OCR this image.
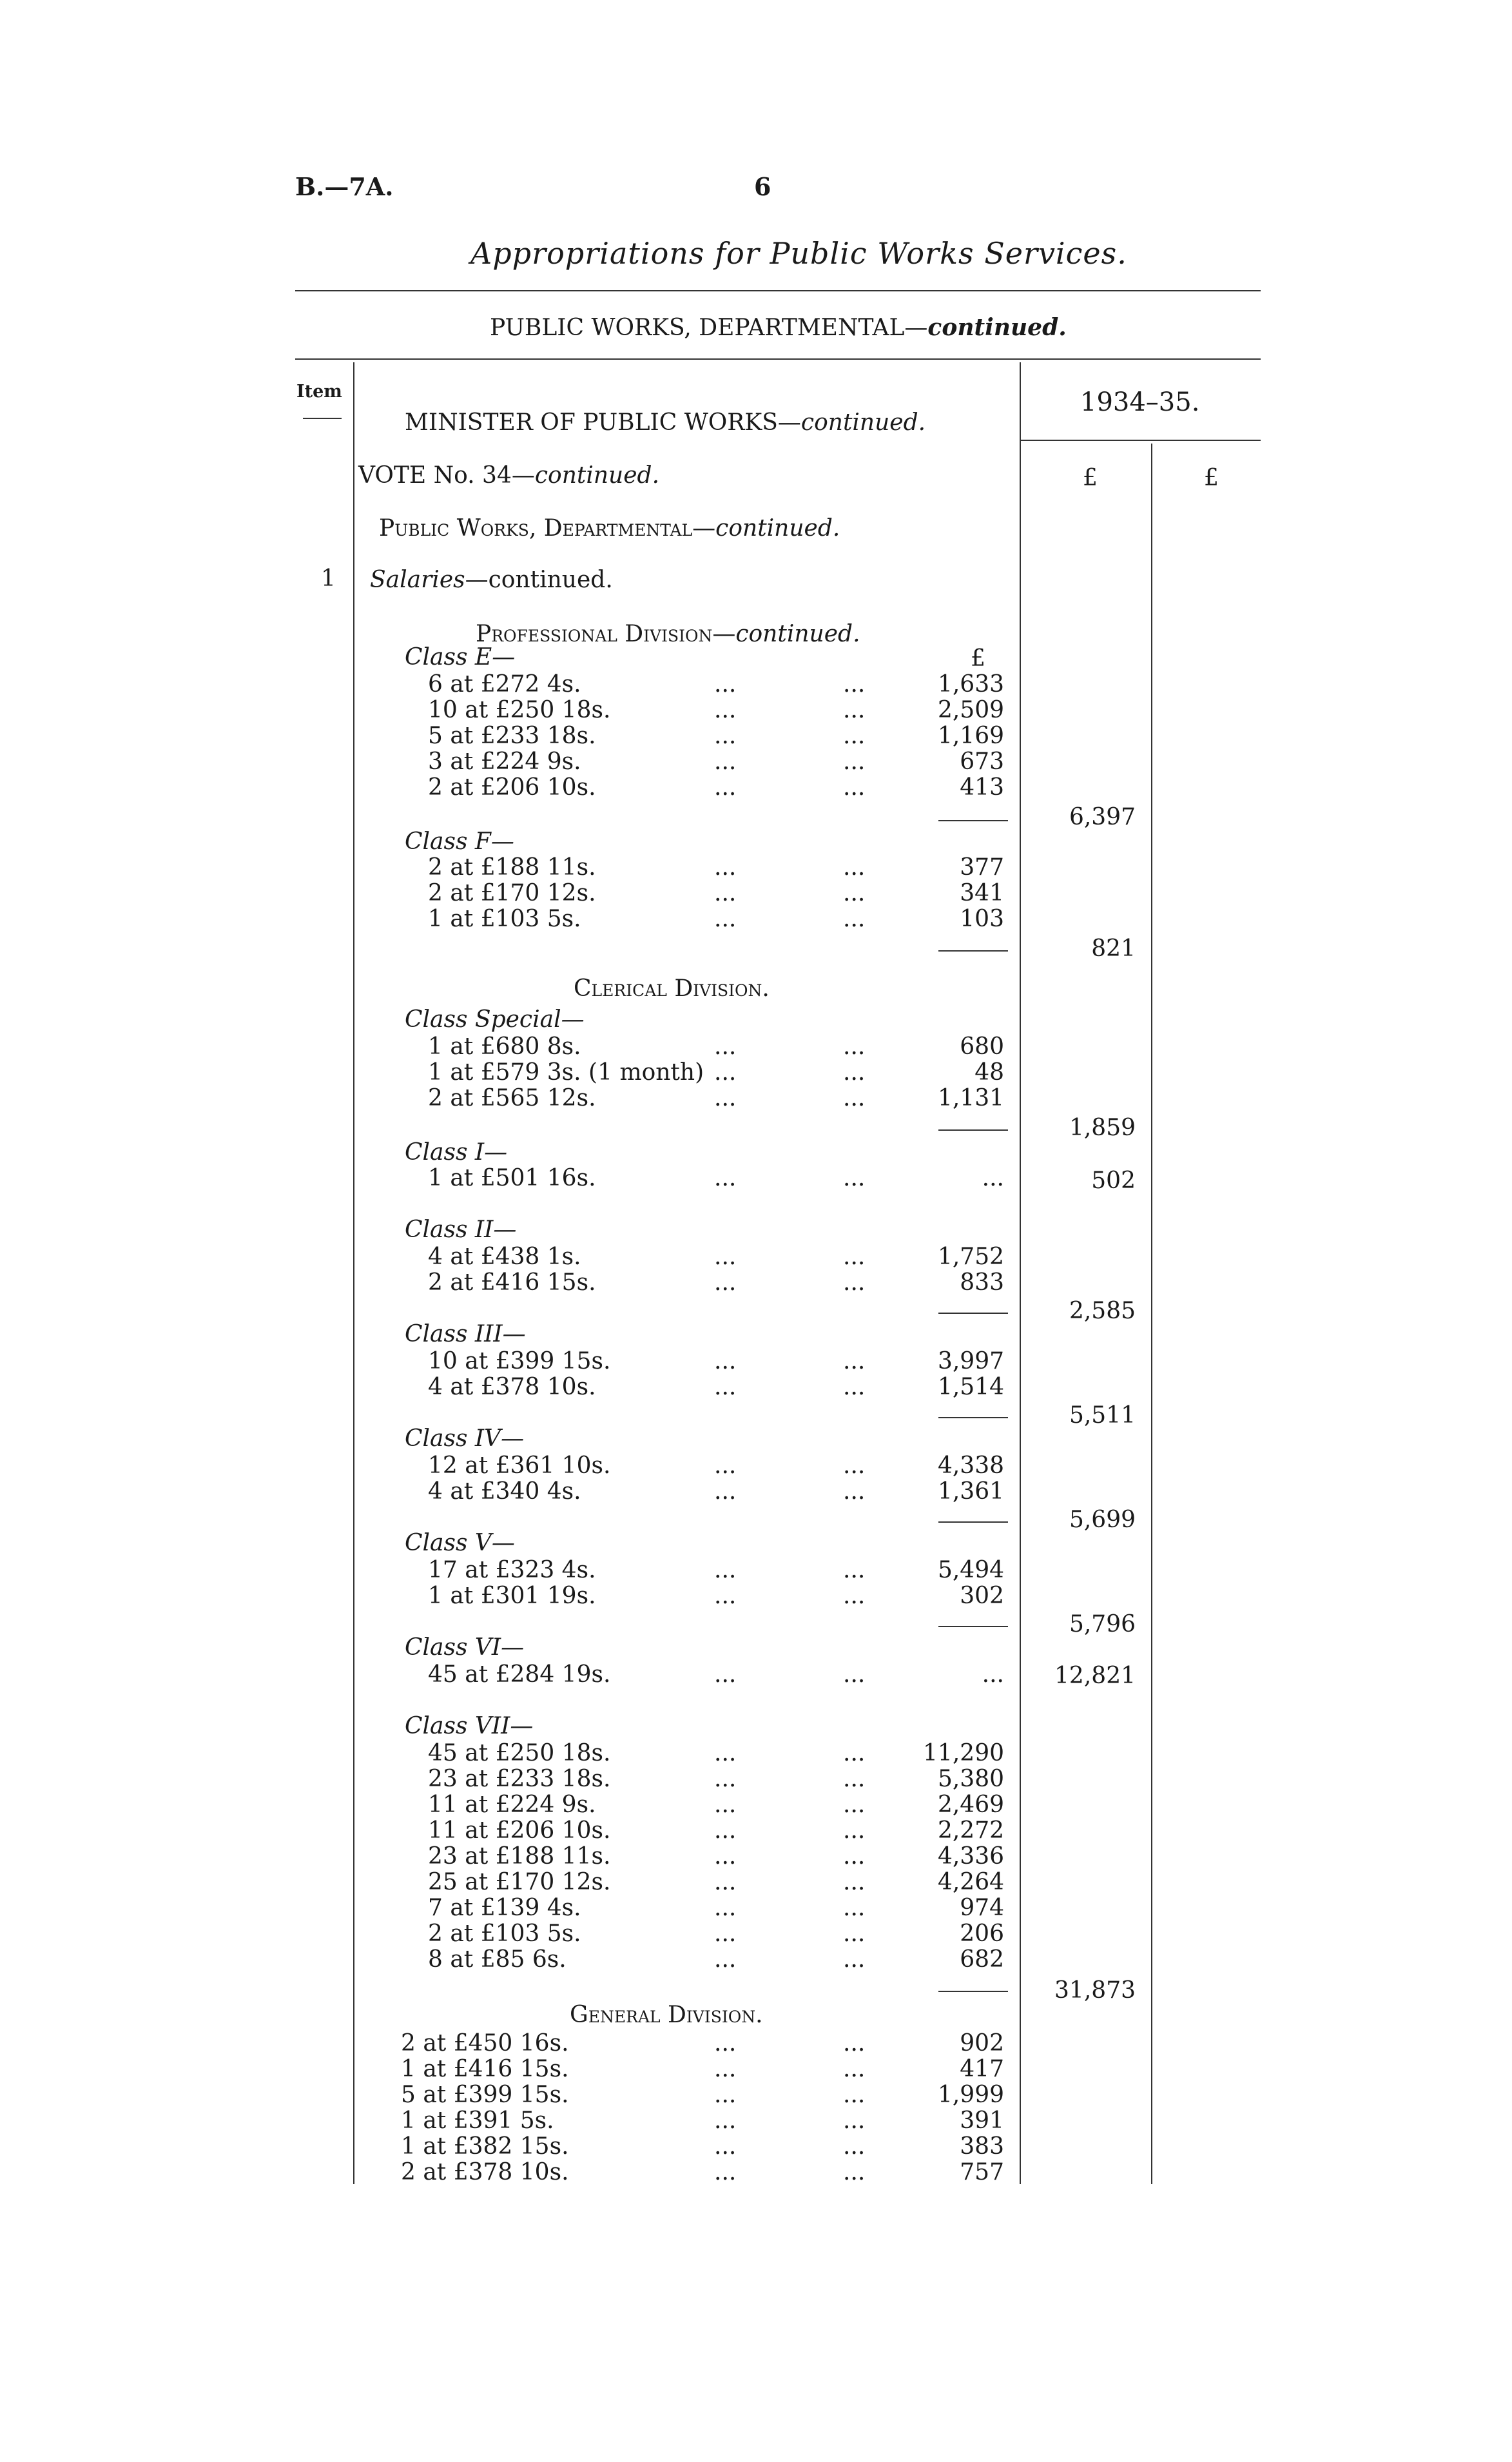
B.—7A.	6
Appropriations for Public Works Services.
PUBLIC WORKS, DEPARTMENTAL—continued.
Item
MINISTER OF PUBLIC WORKS—continued.
1934–35.
£	£
VOTE No. 34—continued.
Public Works, Departmental—continued.
1 Salaries—continued.
Professional Division—continued.
£
Class E—
6 at £272 4s.	...	...	1,633
10 at £250 18s.	...	...	2,509
5 at £233 18s.	...	...	1,169
3 at £224 9s.	...	...	673
2 at £206 10s.	...	...	413
6,397
Class F—
2 at £188 11s.	...	...	377
2 at £170 12s.	...	...	341
1 at £103 5s.	...	...	103
821
Clerical Division.
Class Special—
1 at £680 8s.	...	...	680
1 at £579 3s. (1 month) ...	...	48
2 at £565 12s.	...	...	1,131
1,859
Class I—
1 at £501 16s.	...	...	...	502
Class II—
4 at £438 1s.	...	...	1,752
2 at £416 15s.	...	...	833
2,585
Class III—
10 at £399 15s.	...	...	3,997
4 at £378 10s.	...	...	1,514
5,511
Class IV—
12 at £361 10s.	...	...	4,338
4 at £340 4s.	...	...	1,361
5,699
Class V—
17 at £323 4s.	...	...	5,494
1 at £301 19s.	...	...	302
5,796
Class VI—
45 at £284 19s.	...	...	...	12,821
Class VII—
45 at £250 18s.	...	...	11,290
23 at £233 18s.	...	...	5,380
11 at £224 9s.	...	...	2,469
11 at £206 10s.	...	...	2,272
23 at £188 11s.	...	...	4,336
25 at £170 12s.	...	...	4,264
7 at £139 4s.	...	...	974
2 at £103 5s.	...	...	206
8 at £85 6s.	...	...	682
31,873
General Division.
2 at £450 16s.	...	...	902
1 at £416 15s.	...	...	417
5 at £399 15s.	...	...	1,999
1 at £391 5s.	...	...	391
1 at £382 15s.	...	...	383
2 at £378 10s.	...	...	757
